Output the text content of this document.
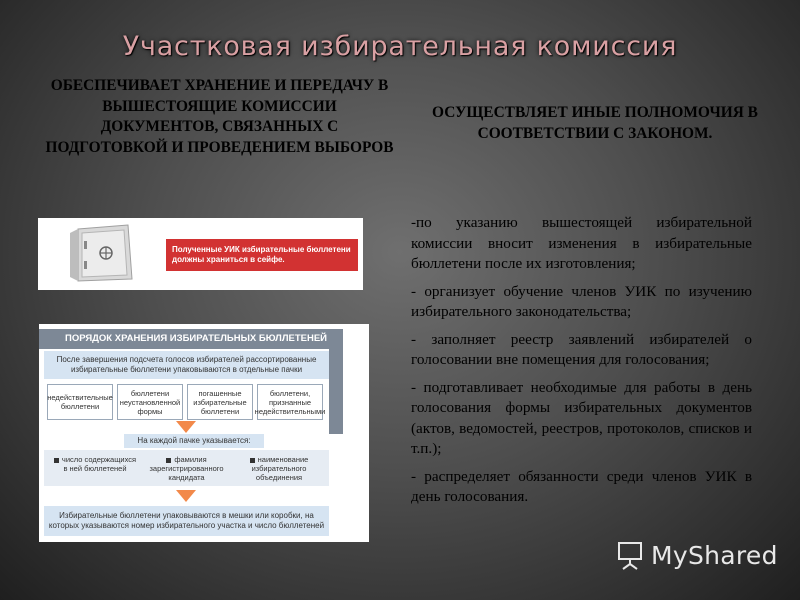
Участковая избирательная комиссия

ОБЕСПЕЧИВАЕТ ХРАНЕНИЕ И ПЕРЕДАЧУ В ВЫШЕСТОЯЩИЕ КОМИССИИ ДОКУМЕНТОВ, СВЯЗАННЫХ С ПОДГОТОВКОЙ И ПРОВЕДЕНИЕМ ВЫБОРОВ

ОСУЩЕСТВЛЯЕТ ИНЫЕ ПОЛНОМОЧИЯ В СООТВЕТСТВИИ С ЗАКОНОМ.

Полученные УИК избирательные бюллетени должны храниться в сейфе.
ПОРЯДОК ХРАНЕНИЯ ИЗБИРАТЕЛЬНЫХ БЮЛЛЕТЕНЕЙ
После завершения подсчета голосов избирателей рассортированные избирательные бюллетени упаковываются в отдельные пачки
недействительные бюллетени
бюллетени неустановленной формы
погашенные избирательные бюллетени
бюллетени, признанные недействительными
На каждой пачке указывается:
число содержащихся в ней бюллетеней
фамилия зарегистрированного кандидата
наименование избирательного объединения
Избирательные бюллетени упаковываются в мешки или коробки, на которых указываются номер избирательного участка и число бюллетеней

-по указанию вышестоящей избирательной комиссии вносит изменения в избирательные бюллетени после их изготовления;

- организует обучение членов УИК по изучению избирательного законодательства;

- заполняет реестр заявлений избирателей о голосовании вне помещения для голосования;

- подготавливает необходимые для работы в день голосования формы избирательных документов (актов, ведомостей, реестров, протоколов, списков и т.п.);

- распределяет обязанности среди членов УИК в день голосования.

MyShared
